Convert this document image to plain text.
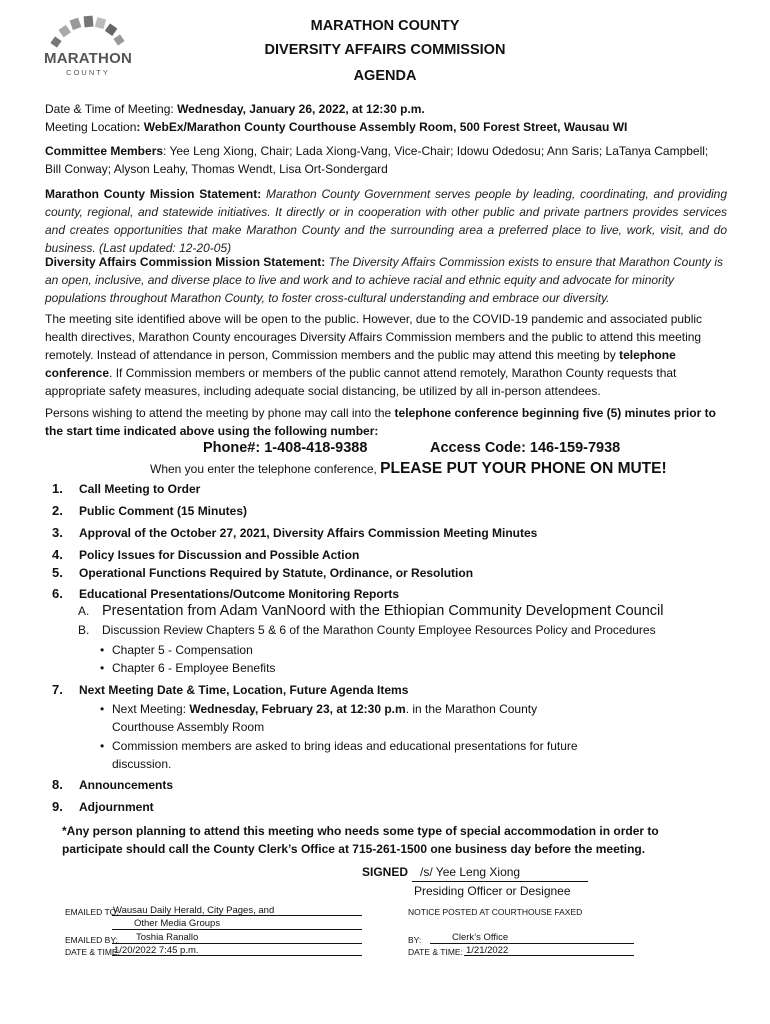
MARATHON
COUNTY
MARATHON COUNTY
DIVERSITY AFFAIRS COMMISSION
AGENDA
Date & Time of Meeting: Wednesday, January 26, 2022, at 12:30 p.m.
Meeting Location: WebEx/Marathon County Courthouse Assembly Room, 500 Forest Street, Wausau WI
Committee Members: Yee Leng Xiong, Chair; Lada Xiong-Vang, Vice-Chair; Idowu Odedosu; Ann Saris; LaTanya Campbell; Bill Conway; Alyson Leahy, Thomas Wendt, Lisa Ort-Sondergard
Marathon County Mission Statement: Marathon County Government serves people by leading, coordinating, and providing county, regional, and statewide initiatives. It directly or in cooperation with other public and private partners provides services and creates opportunities that make Marathon County and the surrounding area a preferred place to live, work, visit, and do business. (Last updated: 12-20-05)
Diversity Affairs Commission Mission Statement: The Diversity Affairs Commission exists to ensure that Marathon County is an open, inclusive, and diverse place to live and work and to achieve racial and ethnic equity and advocate for minority populations throughout Marathon County, to foster cross-cultural understanding and embrace our diversity.
The meeting site identified above will be open to the public. However, due to the COVID-19 pandemic and associated public health directives, Marathon County encourages Diversity Affairs Commission members and the public to attend this meeting remotely. Instead of attendance in person, Commission members and the public may attend this meeting by telephone conference. If Commission members or members of the public cannot attend remotely, Marathon County requests that appropriate safety measures, including adequate social distancing, be utilized by all in-person attendees.
Persons wishing to attend the meeting by phone may call into the telephone conference beginning five (5) minutes prior to the start time indicated above using the following number:
Phone#: 1-408-418-9388	Access Code: 146-159-7938
When you enter the telephone conference, PLEASE PUT YOUR PHONE ON MUTE!
1. Call Meeting to Order
2. Public Comment (15 Minutes)
3. Approval of the October 27, 2021, Diversity Affairs Commission Meeting Minutes
4. Policy Issues for Discussion and Possible Action
5. Operational Functions Required by Statute, Ordinance, or Resolution
6. Educational Presentations/Outcome Monitoring Reports
A. Presentation from Adam VanNoord with the Ethiopian Community Development Council
B. Discussion Review Chapters 5 & 6 of the Marathon County Employee Resources Policy and Procedures
• Chapter 5 - Compensation
• Chapter 6 - Employee Benefits
7. Next Meeting Date & Time, Location, Future Agenda Items
• Next Meeting: Wednesday, February 23, at 12:30 p.m. in the Marathon County Courthouse Assembly Room
• Commission members are asked to bring ideas and educational presentations for future discussion.
8. Announcements
9. Adjournment
*Any person planning to attend this meeting who needs some type of special accommodation in order to participate should call the County Clerk’s Office at 715-261-1500 one business day before the meeting.
SIGNED /s/ Yee Leng Xiong
Presiding Officer or Designee
EMAILED TO:
Wausau Daily Herald, City Pages, and
Other Media Groups
EMAILED BY: Toshia Ranallo
DATE & TIME:
1/20/2022 7:45 p.m.
NOTICE POSTED AT COURTHOUSE FAXED
BY:	Clerk’s Office
DATE & TIME: 1/21/2022
